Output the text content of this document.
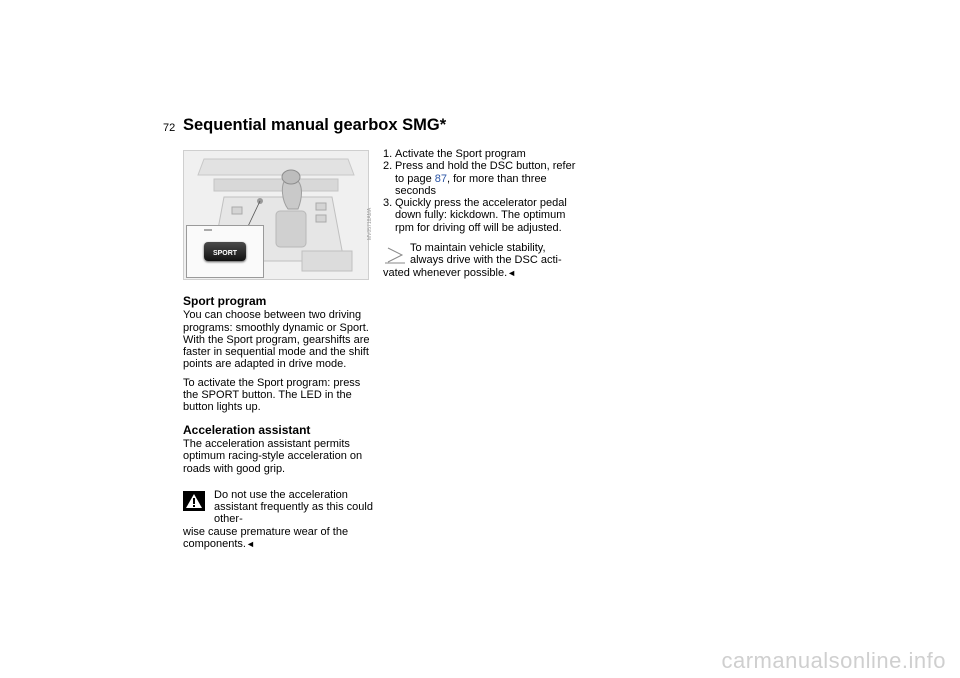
72 Sequential manual gearbox SMG*
SPORT
MV05718AMA
Sport program

You can choose between two driving programs: smoothly dynamic or Sport. With the Sport program, gearshifts are faster in sequential mode and the shift points are adapted in drive mode.

To activate the Sport program: press the SPORT button. The LED in the button lights up.

Acceleration assistant

The acceleration assistant permits optimum racing-style acceleration on roads with good grip.

Do not use the acceleration assistant frequently as this could other-
wise cause premature wear of the components.◄
1. Activate the Sport program
2. Press and hold the DSC button, refer to page 87, for more than three seconds
3. Quickly press the accelerator pedal down fully: kickdown. The optimum rpm for driving off will be adjusted.
To maintain vehicle stability, always drive with the DSC acti-
vated whenever possible.◄
carmanualsonline.info
